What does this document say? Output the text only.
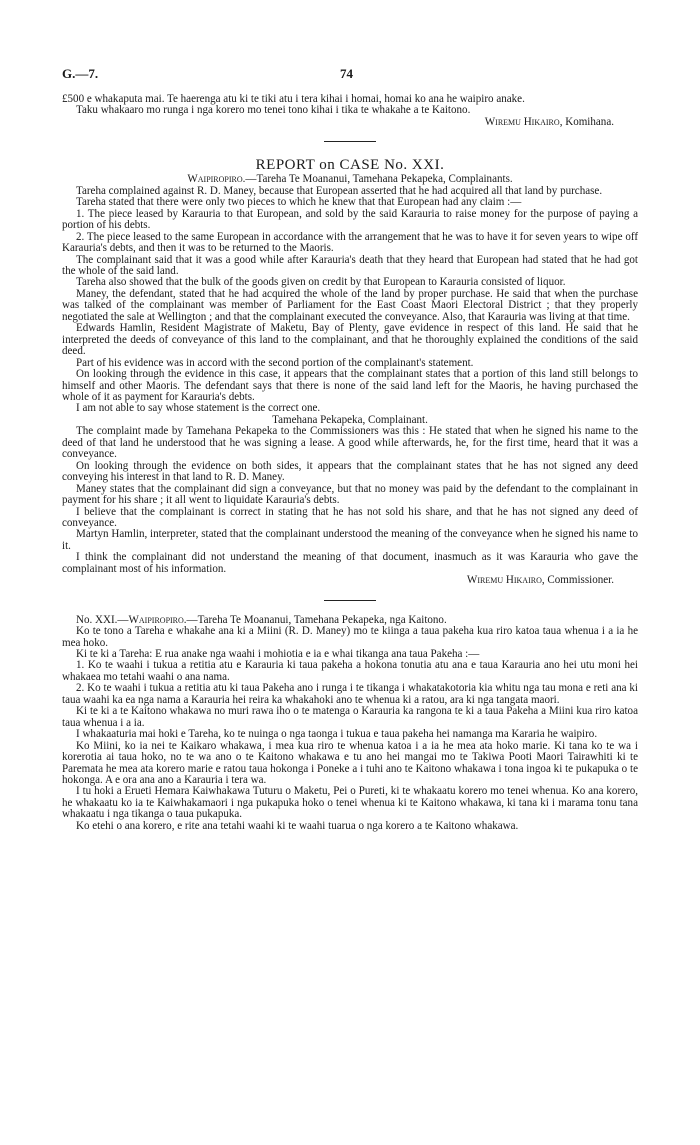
G.—7.	74

£500 e whakaputa mai. Te haerenga atu ki te tiki atu i tera kihai i homai, homai ko ana he waipiro anake.

Taku whakaaro mo runga i nga korero mo tenei tono kihai i tika te whakahe a te Kaitono.

Wiremu Hikairo, Komihana.

REPORT on CASE No. XXI.

Waipiropiro.—Tareha Te Moananui, Tamehana Pekapeka, Complainants.

Tareha complained against R. D. Maney, because that European asserted that he had acquired all that land by purchase.

Tareha stated that there were only two pieces to which he knew that that European had any claim :—

1. The piece leased by Karauria to that European, and sold by the said Karauria to raise money for the purpose of paying a portion of his debts.

2. The piece leased to the same European in accordance with the arrangement that he was to have it for seven years to wipe off Karauria's debts, and then it was to be returned to the Maoris.

The complainant said that it was a good while after Karauria's death that they heard that European had stated that he had got the whole of the said land.

Tareha also showed that the bulk of the goods given on credit by that European to Karauria consisted of liquor.

Maney, the defendant, stated that he had acquired the whole of the land by proper purchase. He said that when the purchase was talked of the complainant was member of Parliament for the East Coast Maori Electoral District ; that they properly negotiated the sale at Wellington ; and that the complainant executed the conveyance. Also, that Karauria was living at that time.

Edwards Hamlin, Resident Magistrate of Maketu, Bay of Plenty, gave evidence in respect of this land. He said that he interpreted the deeds of conveyance of this land to the complainant, and that he thoroughly explained the conditions of the said deed.

Part of his evidence was in accord with the second portion of the complainant's statement.

On looking through the evidence in this case, it appears that the complainant states that a portion of this land still belongs to himself and other Maoris. The defendant says that there is none of the said land left for the Maoris, he having purchased the whole of it as payment for Karauria's debts.

I am not able to say whose statement is the correct one.

Tamehana Pekapeka, Complainant.

The complaint made by Tamehana Pekapeka to the Commissioners was this : He stated that when he signed his name to the deed of that land he understood that he was signing a lease. A good while afterwards, he, for the first time, heard that it was a conveyance.

On looking through the evidence on both sides, it appears that the complainant states that he has not signed any deed conveying his interest in that land to R. D. Maney.

Maney states that the complainant did sign a conveyance, but that no money was paid by the defendant to the complainant in payment for his share ; it all went to liquidate Karauria's debts.

I believe that the complainant is correct in stating that he has not sold his share, and that he has not signed any deed of conveyance.

Martyn Hamlin, interpreter, stated that the complainant understood the meaning of the conveyance when he signed his name to it.

I think the complainant did not understand the meaning of that document, inasmuch as it was Karauria who gave the complainant most of his information.

Wiremu Hikairo, Commissioner.

No. XXI.—Waipiropiro.—Tareha Te Moananui, Tamehana Pekapeka, nga Kaitono.

Ko te tono a Tareha e whakahe ana ki a Miini (R. D. Maney) mo te kiinga a taua pakeha kua riro katoa taua whenua i a ia he mea hoko.

Ki te ki a Tareha: E rua anake nga waahi i mohiotia e ia e whai tikanga ana taua Pakeha :—

1. Ko te waahi i tukua a retitia atu e Karauria ki taua pakeha a hokona tonutia atu ana e taua Karauria ano hei utu moni hei whakaea mo tetahi waahi o ana nama.

2. Ko te waahi i tukua a retitia atu ki taua Pakeha ano i runga i te tikanga i whakatakotoria kia whitu nga tau mona e reti ana ki taua waahi ka ea nga nama a Karauria hei reira ka whakahoki ano te whenua ki a ratou, ara ki nga tangata maori.

Ki te ki a te Kaitono whakawa no muri rawa iho o te matenga o Karauria ka rangona te ki a taua Pakeha a Miini kua riro katoa taua whenua i a ia.

I whakaaturia mai hoki e Tareha, ko te nuinga o nga taonga i tukua e taua pakeha hei namanga ma Kararia he waipiro.

Ko Miini, ko ia nei te Kaikaro whakawa, i mea kua riro te whenua katoa i a ia he mea ata hoko marie. Ki tana ko te wa i korerotia ai taua hoko, no te wa ano o te Kaitono whakawa e tu ano hei mangai mo te Takiwa Pooti Maori Tairawhiti ki te Paremata he mea ata korero marie e ratou taua hokonga i Poneke a i tuhi ano te Kaitono whakawa i tona ingoa ki te pukapuka o te hokonga. A e ora ana ano a Karauria i tera wa.

I tu hoki a Erueti Hemara Kaiwhakawa Tuturu o Maketu, Pei o Pureti, ki te whakaatu korero mo tenei whenua. Ko ana korero, he whakaatu ko ia te Kaiwhakamaori i nga pukapuka hoko o tenei whenua ki te Kaitono whakawa, ki tana ki i marama tonu tana whakaatu i nga tikanga o taua pukapuka.

Ko etehi o ana korero, e rite ana tetahi waahi ki te waahi tuarua o nga korero a te Kaitono whakawa.
